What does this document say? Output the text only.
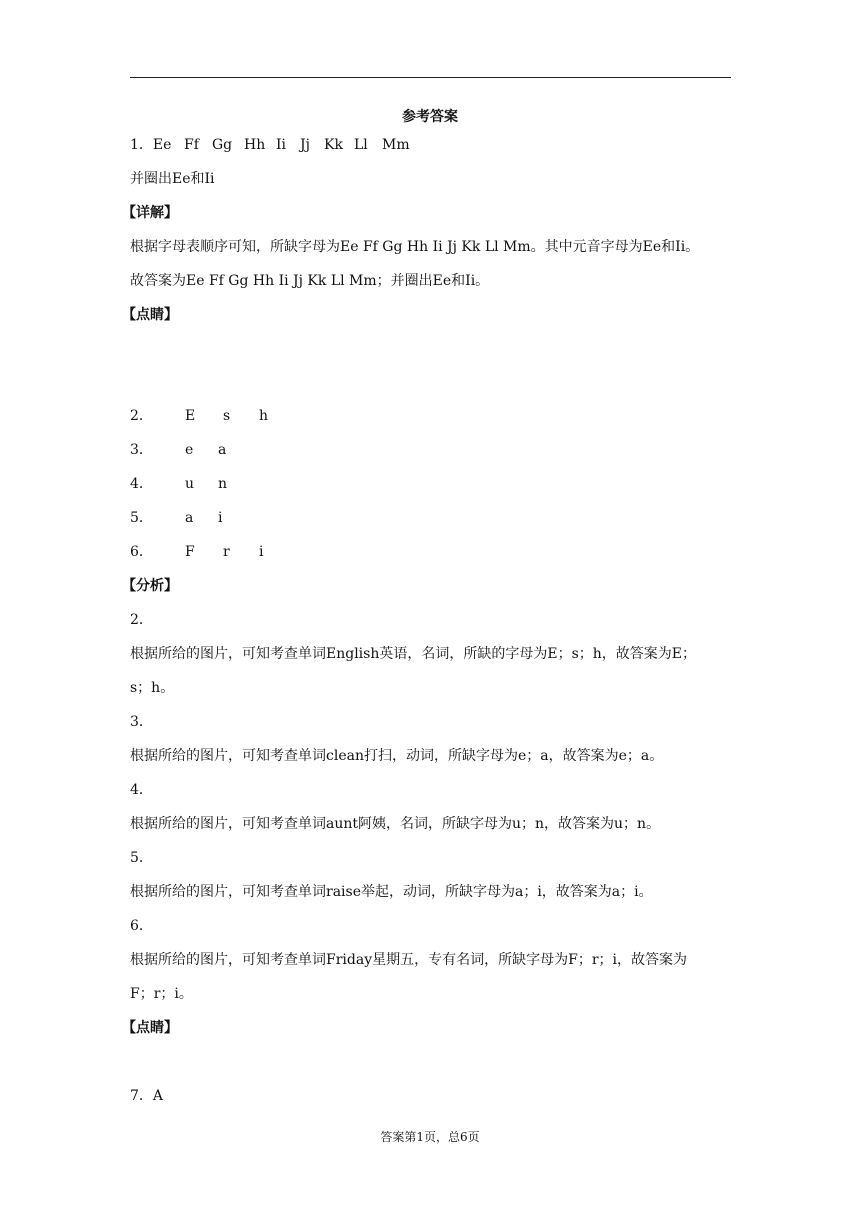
参考答案
1．Ee Ff Gg Hh Ii Jj Kk Ll Mm
并圈出Ee和Ii
【详解】
根据字母表顺序可知，所缺字母为Ee Ff Gg Hh Ii Jj Kk Ll Mm。其中元音字母为Ee和Ii。
故答案为Ee Ff Gg Hh Ii Jj Kk Ll Mm；并圈出Ee和Ii。
【点睛】
2． E s h
3． e a
4． u n
5． a i
6． F r i
【分析】
2．
根据所给的图片，可知考查单词English英语，名词，所缺的字母为E；s；h，故答案为E；
s；h。
3．
根据所给的图片，可知考查单词clean打扫，动词，所缺字母为e；a，故答案为e；a。
4．
根据所给的图片，可知考查单词aunt阿姨，名词，所缺字母为u；n，故答案为u；n。
5．
根据所给的图片，可知考查单词raise举起，动词，所缺字母为a；i，故答案为a；i。
6．
根据所给的图片，可知考查单词Friday星期五，专有名词，所缺字母为F；r；i，故答案为
F；r；i。
【点睛】
7．A
答案第1页，总6页
